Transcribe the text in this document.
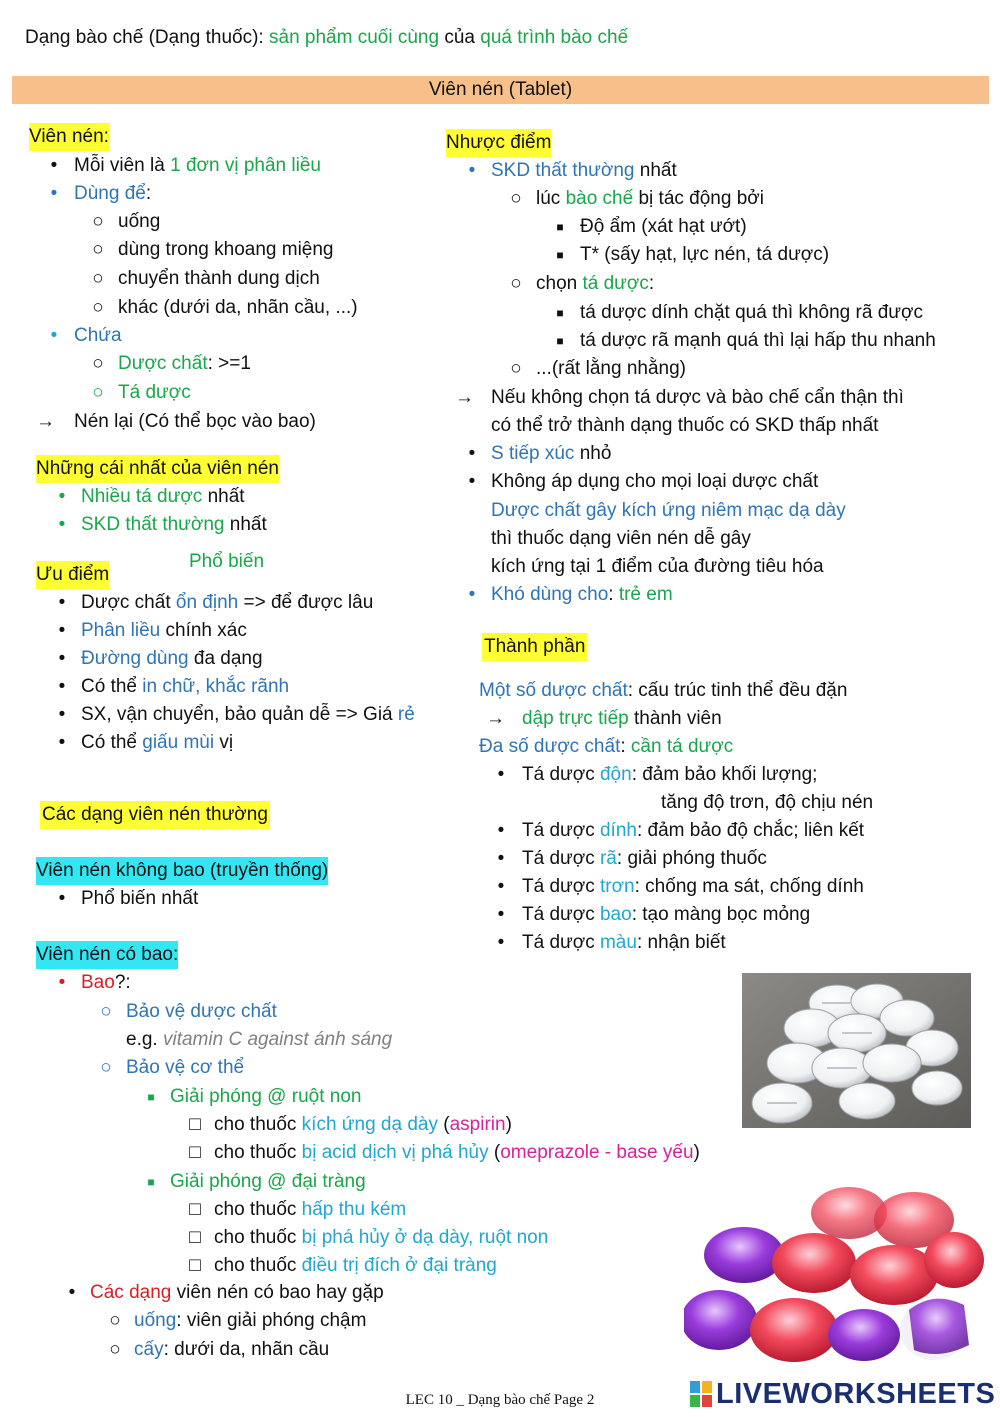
Dạng bào chế (Dạng thuốc): sản phẩm cuối cùng của quá trình bào chế
Viên nén (Tablet)
Viên nén:
• Mỗi viên là 1 đơn vị phân liều
• Dùng để:
○ uống
○ dùng trong khoang miệng
○ chuyển thành dung dịch
○ khác (dưới da, nhãn cầu, ...)
• Chứa
○ Dược chất: >=1
○ Tá dược
→ Nén lại (Có thể bọc vào bao)
Những cái nhất của viên nén
• Nhiều tá dược nhất
• SKD thất thường nhất
Phổ biến
Ưu điểm
• Dược chất ổn định => để được lâu
• Phân liều chính xác
• Đường dùng đa dạng
• Có thể in chữ, khắc rãnh
• SX, vận chuyển, bảo quản dễ => Giá rẻ
• Có thể giấu mùi vị
Các dạng viên nén thường
Viên nén không bao (truyền thống)
• Phổ biến nhất
Viên nén có bao:
• Bao?:
○ Bảo vệ dược chất
e.g. vitamin C against ánh sáng
○ Bảo vệ cơ thể
■ Giải phóng @ ruột non
□ cho thuốc kích ứng dạ dày (aspirin)
□ cho thuốc bị acid dịch vị phá hủy (omeprazole - base yếu)
■ Giải phóng @ đại tràng
□ cho thuốc hấp thu kém
□ cho thuốc bị phá hủy ở dạ dày, ruột non
□ cho thuốc điều trị đích ở đại tràng
• Các dạng viên nén có bao hay gặp
○ uống: viên giải phóng chậm
○ cấy: dưới da, nhãn cầu
Nhược điểm
• SKD thất thường nhất
○ lúc bào chế bị tác động bởi
■ Độ ẩm (xát hạt ướt)
■ T* (sấy hạt, lực nén, tá dược)
○ chọn tá dược:
■ tá dược dính chặt quá thì không rã được
■ tá dược rã mạnh quá thì lại hấp thu nhanh
○ ...(rất lằng nhằng)
→ Nếu không chọn tá dược và bào chế cẩn thận thì
có thể trở thành dạng thuốc có SKD thấp nhất
• S tiếp xúc nhỏ
• Không áp dụng cho mọi loại dược chất
Dược chất gây kích ứng niêm mạc dạ dày
thì thuốc dạng viên nén dễ gây
kích ứng tại 1 điểm của đường tiêu hóa
• Khó dùng cho: trẻ em
Thành phần
Một số dược chất: cấu trúc tinh thể đều đặn
→ dập trực tiếp thành viên
Đa số dược chất: cần tá dược
• Tá dược độn: đảm bảo khối lượng;
tăng độ trơn, độ chịu nén
• Tá dược dính: đảm bảo độ chắc; liên kết
• Tá dược rã: giải phóng thuốc
• Tá dược trơn: chống ma sát, chống dính
• Tá dược bao: tạo màng bọc mỏng
• Tá dược màu: nhận biết
LEC 10 _ Dạng bào chế Page 2	LIVEWORKSHEETS
